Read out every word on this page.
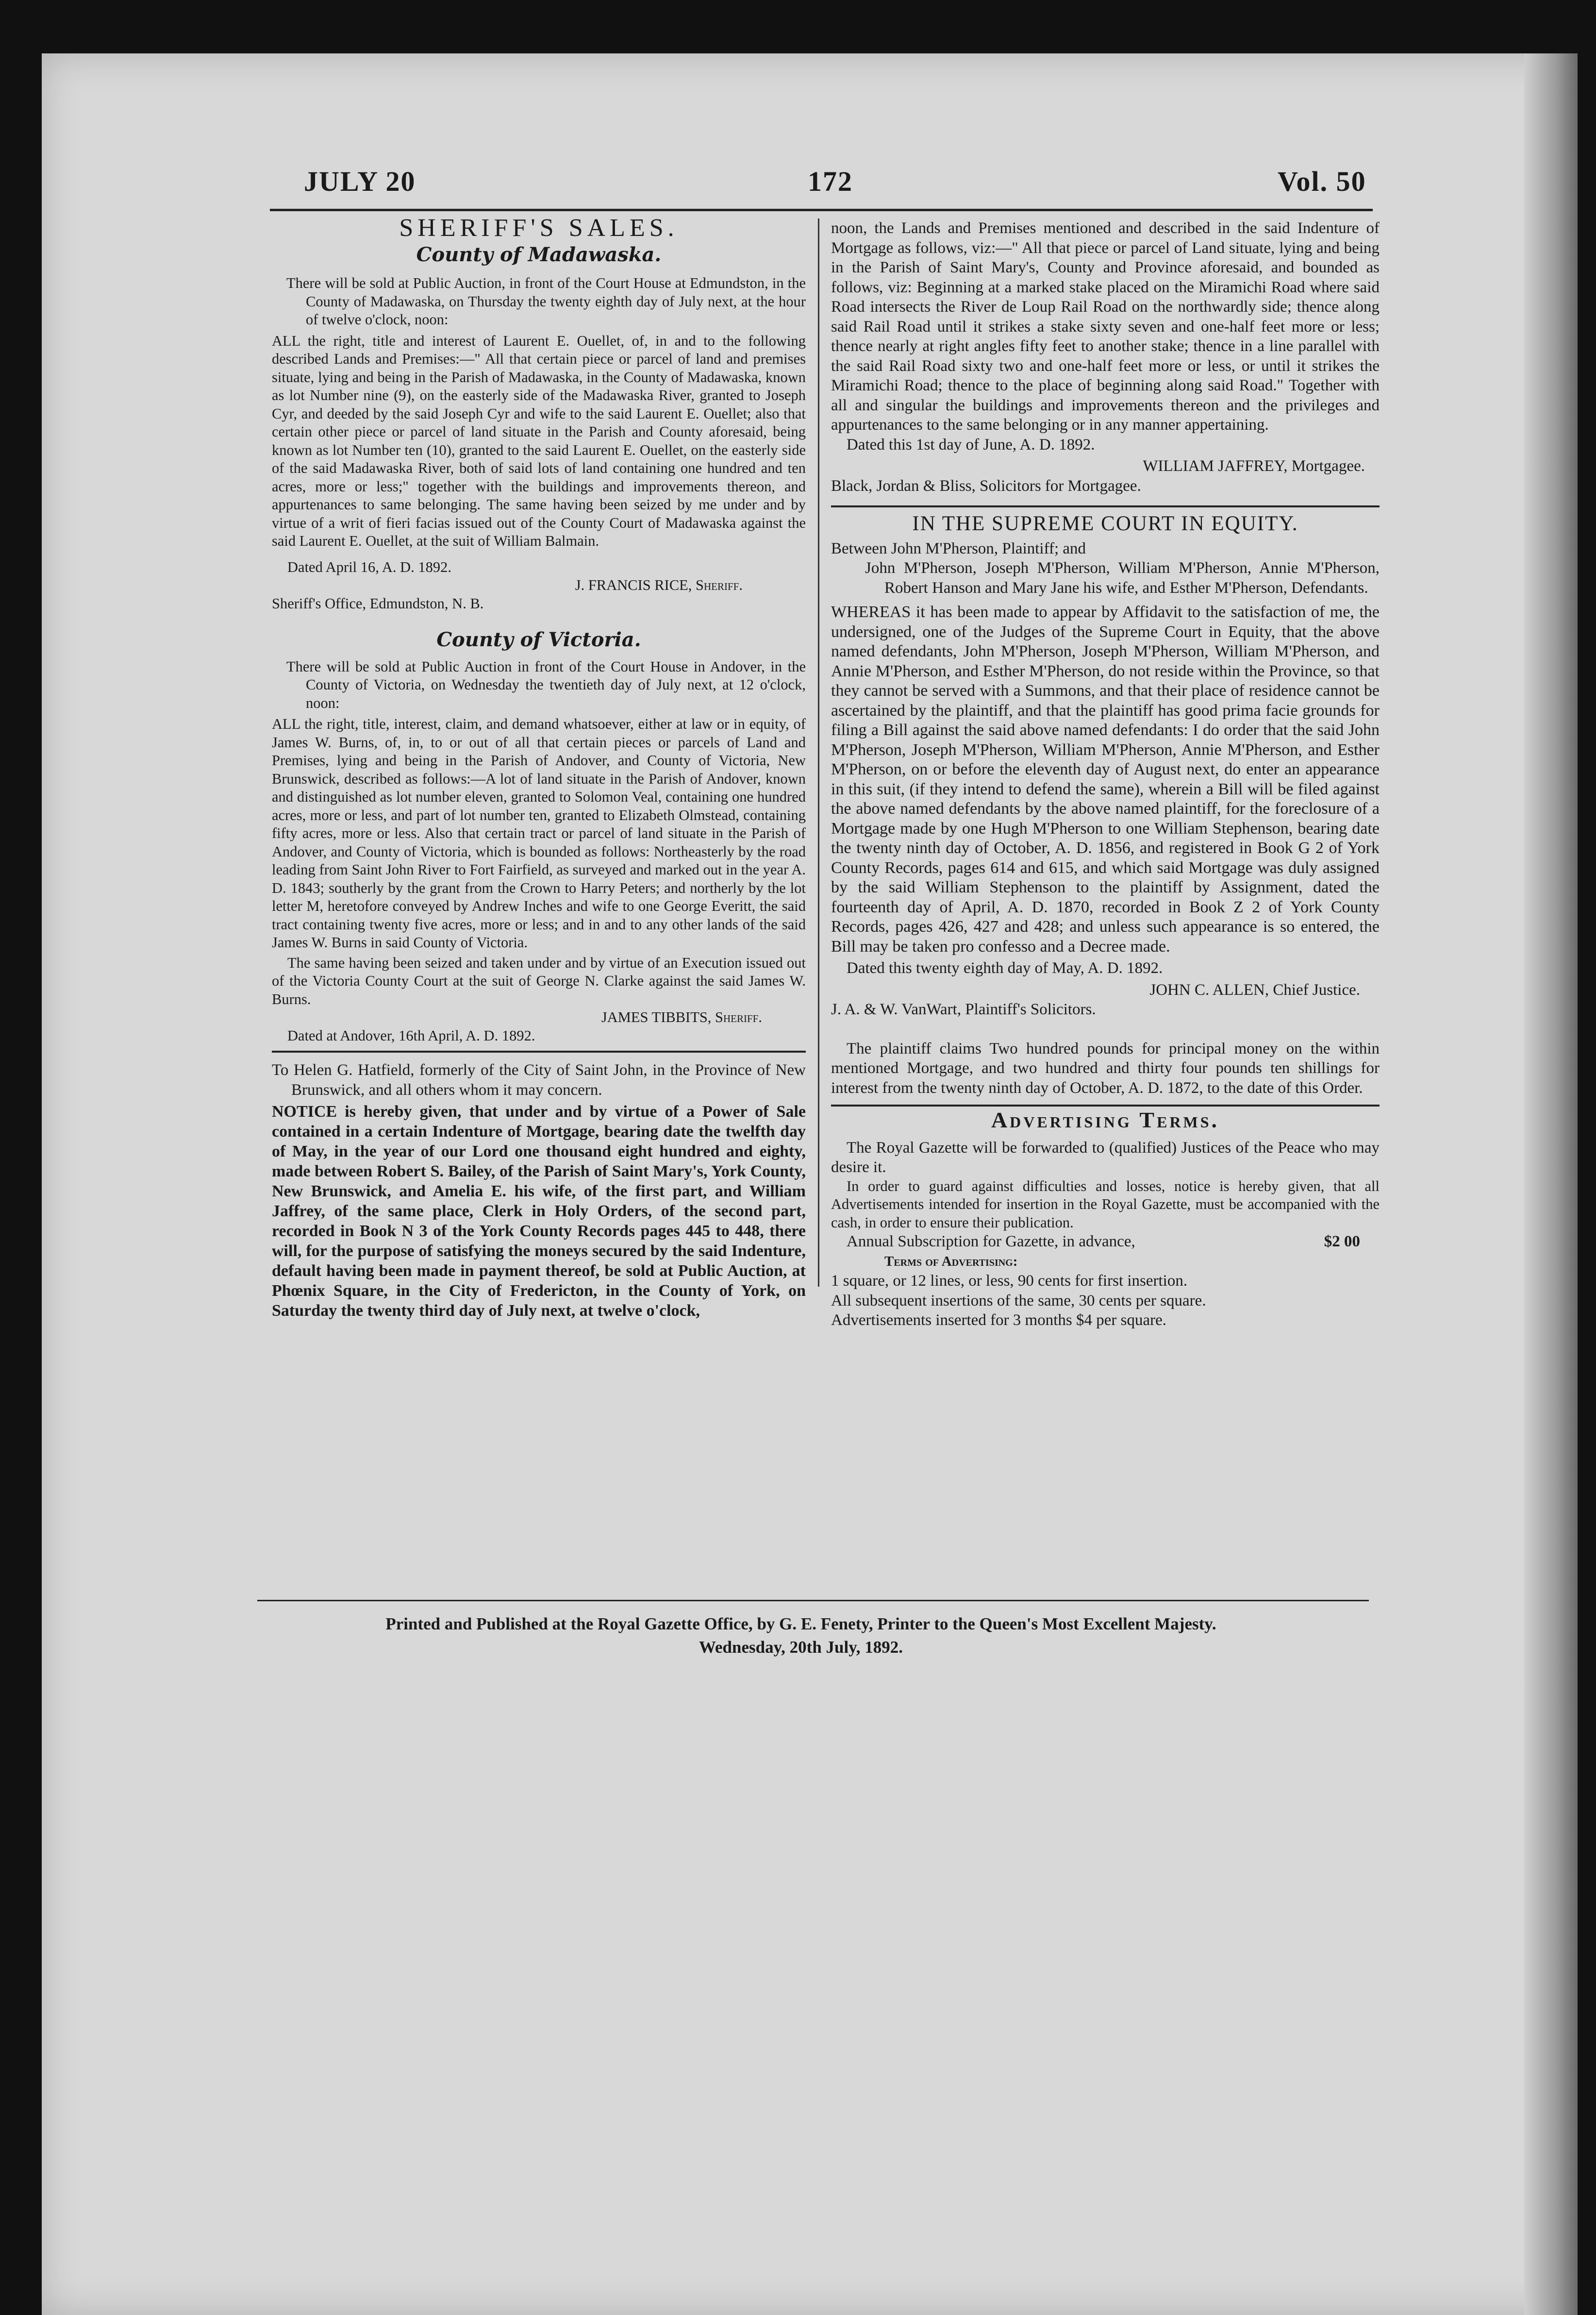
JULY 20	172	Vol. 50

SHERIFF'S SALES.

County of Madawaska.

There will be sold at Public Auction, in front of the Court House at Edmundston, in the County of Madawaska, on Thursday the twenty eighth day of July next, at the hour of twelve o'clock, noon:

ALL the right, title and interest of Laurent E. Ouellet, of, in and to the following described Lands and Premises:—" All that certain piece or parcel of land and premises situate, lying and being in the Parish of Madawaska, in the County of Madawaska, known as lot Number nine (9), on the easterly side of the Madawaska River, granted to Joseph Cyr, and deeded by the said Joseph Cyr and wife to the said Laurent E. Ouellet; also that certain other piece or parcel of land situate in the Parish and County aforesaid, being known as lot Number ten (10), granted to the said Laurent E. Ouellet, on the easterly side of the said Madawaska River, both of said lots of land containing one hundred and ten acres, more or less;" together with the buildings and improvements thereon, and appurtenances to same belonging. The same having been seized by me under and by virtue of a writ of fieri facias issued out of the County Court of Madawaska against the said Laurent E. Ouellet, at the suit of William Balmain.

Dated April 16, A. D. 1892.

J. FRANCIS RICE, Sheriff.

Sheriff's Office, Edmundston, N. B.

County of Victoria.

There will be sold at Public Auction in front of the Court House in Andover, in the County of Victoria, on Wednesday the twentieth day of July next, at 12 o'clock, noon:

ALL the right, title, interest, claim, and demand whatsoever, either at law or in equity, of James W. Burns, of, in, to or out of all that certain pieces or parcels of Land and Premises, lying and being in the Parish of Andover, and County of Victoria, New Brunswick, described as follows:—A lot of land situate in the Parish of Andover, known and distinguished as lot number eleven, granted to Solomon Veal, containing one hundred acres, more or less, and part of lot number ten, granted to Elizabeth Olmstead, containing fifty acres, more or less. Also that certain tract or parcel of land situate in the Parish of Andover, and County of Victoria, which is bounded as follows: Northeasterly by the road leading from Saint John River to Fort Fairfield, as surveyed and marked out in the year A. D. 1843; southerly by the grant from the Crown to Harry Peters; and northerly by the lot letter M, heretofore conveyed by Andrew Inches and wife to one George Everitt, the said tract containing twenty five acres, more or less; and in and to any other lands of the said James W. Burns in said County of Victoria.

The same having been seized and taken under and by virtue of an Execution issued out of the Victoria County Court at the suit of George N. Clarke against the said James W. Burns.

JAMES TIBBITS, Sheriff.

Dated at Andover, 16th April, A. D. 1892.

To Helen G. Hatfield, formerly of the City of Saint John, in the Province of New Brunswick, and all others whom it may concern.

NOTICE is hereby given, that under and by virtue of a Power of Sale contained in a certain Indenture of Mortgage, bearing date the twelfth day of May, in the year of our Lord one thousand eight hundred and eighty, made between Robert S. Bailey, of the Parish of Saint Mary's, York County, New Brunswick, and Amelia E. his wife, of the first part, and William Jaffrey, of the same place, Clerk in Holy Orders, of the second part, recorded in Book N 3 of the York County Records pages 445 to 448, there will, for the purpose of satisfying the moneys secured by the said Indenture, default having been made in payment thereof, be sold at Public Auction, at Phœnix Square, in the City of Fredericton, in the County of York, on Saturday the twenty third day of July next, at twelve o'clock,

noon, the Lands and Premises mentioned and described in the said Indenture of Mortgage as follows, viz:—" All that piece or parcel of Land situate, lying and being in the Parish of Saint Mary's, County and Province aforesaid, and bounded as follows, viz: Beginning at a marked stake placed on the Miramichi Road where said Road intersects the River de Loup Rail Road on the northwardly side; thence along said Rail Road until it strikes a stake sixty seven and one-half feet more or less; thence nearly at right angles fifty feet to another stake; thence in a line parallel with the said Rail Road sixty two and one-half feet more or less, or until it strikes the Miramichi Road; thence to the place of beginning along said Road." Together with all and singular the buildings and improvements thereon and the privileges and appurtenances to the same belonging or in any manner appertaining.

Dated this 1st day of June, A. D. 1892.

WILLIAM JAFFREY, Mortgagee.

Black, Jordan & Bliss, Solicitors for Mortgagee.

IN THE SUPREME COURT IN EQUITY.

Between John M'Pherson, Plaintiff; and

John M'Pherson, Joseph M'Pherson, William M'Pherson, Annie M'Pherson, Robert Hanson and Mary Jane his wife, and Esther M'Pherson, Defendants.

WHEREAS it has been made to appear by Affidavit to the satisfaction of me, the undersigned, one of the Judges of the Supreme Court in Equity, that the above named defendants, John M'Pherson, Joseph M'Pherson, William M'Pherson, and Annie M'Pherson, and Esther M'Pherson, do not reside within the Province, so that they cannot be served with a Summons, and that their place of residence cannot be ascertained by the plaintiff, and that the plaintiff has good prima facie grounds for filing a Bill against the said above named defendants: I do order that the said John M'Pherson, Joseph M'Pherson, William M'Pherson, Annie M'Pherson, and Esther M'Pherson, on or before the eleventh day of August next, do enter an appearance in this suit, (if they intend to defend the same), wherein a Bill will be filed against the above named defendants by the above named plaintiff, for the foreclosure of a Mortgage made by one Hugh M'Pherson to one William Stephenson, bearing date the twenty ninth day of October, A. D. 1856, and registered in Book G 2 of York County Records, pages 614 and 615, and which said Mortgage was duly assigned by the said William Stephenson to the plaintiff by Assignment, dated the fourteenth day of April, A. D. 1870, recorded in Book Z 2 of York County Records, pages 426, 427 and 428; and unless such appearance is so entered, the Bill may be taken pro confesso and a Decree made.

Dated this twenty eighth day of May, A. D. 1892.

JOHN C. ALLEN, Chief Justice.

J. A. & W. VanWart, Plaintiff's Solicitors.

The plaintiff claims Two hundred pounds for principal money on the within mentioned Mortgage, and two hundred and thirty four pounds ten shillings for interest from the twenty ninth day of October, A. D. 1872, to the date of this Order.

Advertising Terms.

The Royal Gazette will be forwarded to (qualified) Justices of the Peace who may desire it.

In order to guard against difficulties and losses, notice is hereby given, that all Advertisements intended for insertion in the Royal Gazette, must be accompanied with the cash, in order to ensure their publication.

Annual Subscription for Gazette, in advance,	$2 00

Terms of Advertising:

1 square, or 12 lines, or less, 90 cents for first insertion.

All subsequent insertions of the same, 30 cents per square.

Advertisements inserted for 3 months $4 per square.

Printed and Published at the Royal Gazette Office, by G. E. Fenety, Printer to the Queen's Most Excellent Majesty.
Wednesday, 20th July, 1892.
